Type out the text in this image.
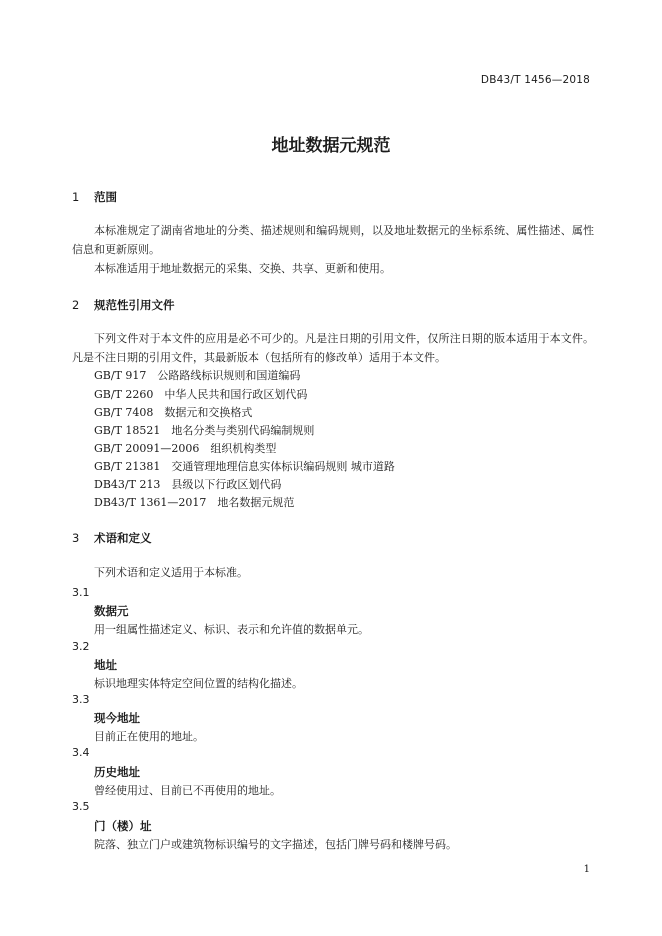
DB43/T 1456—2018
地址数据元规范
1 范围
本标准规定了湖南省地址的分类、描述规则和编码规则，以及地址数据元的坐标系统、属性描述、属性信息和更新原则。
本标准适用于地址数据元的采集、交换、共享、更新和使用。
2 规范性引用文件
下列文件对于本文件的应用是必不可少的。凡是注日期的引用文件，仅所注日期的版本适用于本文件。凡是不注日期的引用文件，其最新版本（包括所有的修改单）适用于本文件。
GB/T 917　公路路线标识规则和国道编码
GB/T 2260　中华人民共和国行政区划代码
GB/T 7408　数据元和交换格式
GB/T 18521　地名分类与类别代码编制规则
GB/T 20091—2006　组织机构类型
GB/T 21381　交通管理地理信息实体标识编码规则 城市道路
DB43/T 213　县级以下行政区划代码
DB43/T 1361—2017　地名数据元规范
3 术语和定义
下列术语和定义适用于本标准。
3.1
数据元
用一组属性描述定义、标识、表示和允许值的数据单元。
3.2
地址
标识地理实体特定空间位置的结构化描述。
3.3
现今地址
目前正在使用的地址。
3.4
历史地址
曾经使用过、目前已不再使用的地址。
3.5
门（楼）址
院落、独立门户或建筑物标识编号的文字描述，包括门牌号码和楼牌号码。
1
